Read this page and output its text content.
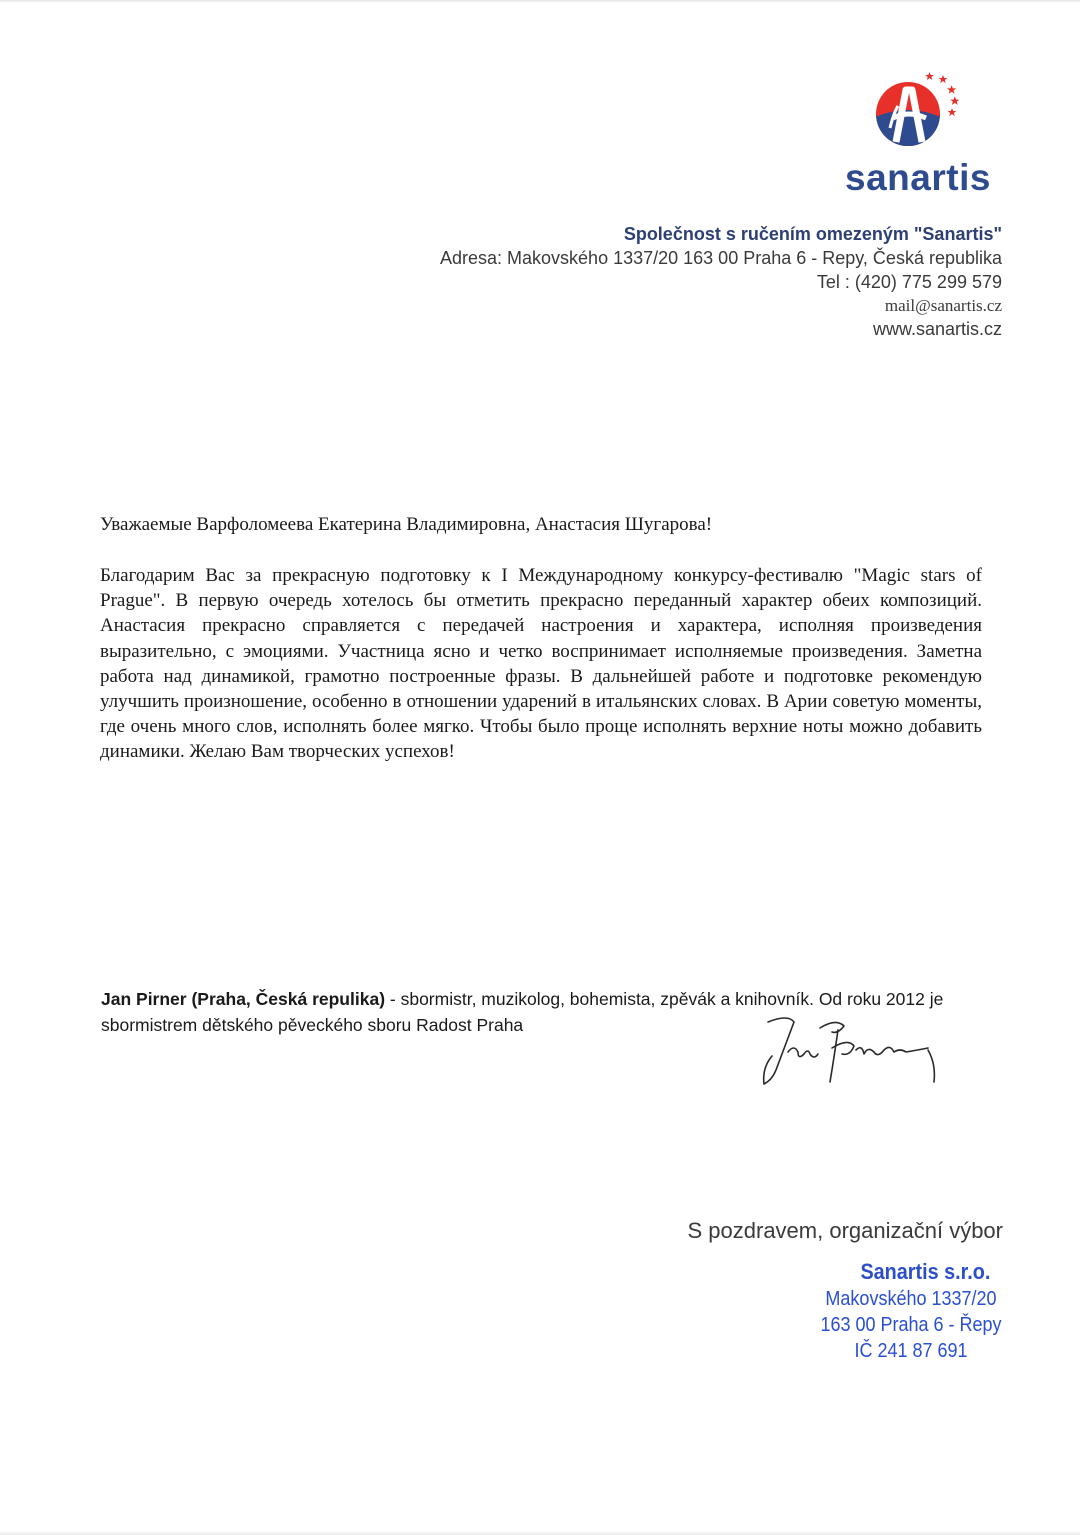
sanartis
Společnost s ručením omezeným "Sanartis"
Adresa: Makovského 1337/20 163 00 Praha 6 - Repy, Česká republika
Tel : (420) 775 299 579
mail@sanartis.cz
www.sanartis.cz
Уважаемые Варфоломеева Екатерина Владимировна, Анастасия Шугарова!
Благодарим Вас за прекрасную подготовку к I Международному конкурсу-фестивалю "Magic stars of Prague". В первую очередь хотелось бы отметить прекрасно переданный характер обеих композиций. Анастасия прекрасно справляется с передачей настроения и характера, исполняя произведения выразительно, с эмоциями. Участница ясно и четко воспринимает исполняемые произведения. Заметна работа над динамикой, грамотно построенные фразы. В дальнейшей работе и подготовке рекомендую улучшить произношение, особенно в отношении ударений в итальянских словах. В Арии советую моменты, где очень много слов, исполнять более мягко. Чтобы было проще исполнять верхние ноты можно добавить динамики. Желаю Вам творческих успехов!
Jan Pirner (Praha, Česká repulika) - sbormistr, muzikolog, bohemista, zpěvák a knihovník. Od roku 2012 je sbormistrem dětského pěveckého sboru Radost Praha
S pozdravem, organizační výbor
Sanartis s.r.o.
Makovského 1337/20
163 00 Praha 6 - Řepy
IČ 241 87 691
